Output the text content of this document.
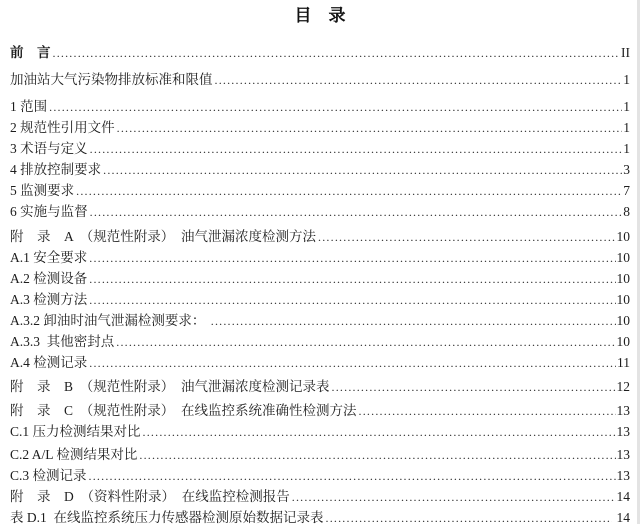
目　录
前　言 .....	II
加油站大气污染物排放标准和限值 .....	1
1 范围 .....	1
2 规范性引用文件 .....	1
3 术语与定义 .....	1
4 排放控制要求 .....	3
5 监测要求 .....	7
6 实施与监督 .....	8
附　录　A　（规范性附录）　油气泄漏浓度检测方法 .....	10
A.1 安全要求 .....	10
A.2 检测设备 .....	10
A.3 检测方法 .....	10
A.3.2 卸油时油气泄漏检测要求： .....	10
A.3.3  其他密封点 .....	10
A.4 检测记录 .....	11
附　录　B　（规范性附录）　油气泄漏浓度检测记录表 .....	12
附　录　C　（规范性附录）　在线监控系统准确性检测方法 .....	13
C.1 压力检测结果对比 .....	13
C.2 A/L 检测结果对比 .....	13
C.3 检测记录 .....	13
附　录　D　（资料性附录）　在线监控检测报告 .....	14
表 D.1  在线监控系统压力传感器检测原始数据记录表 .....	14
